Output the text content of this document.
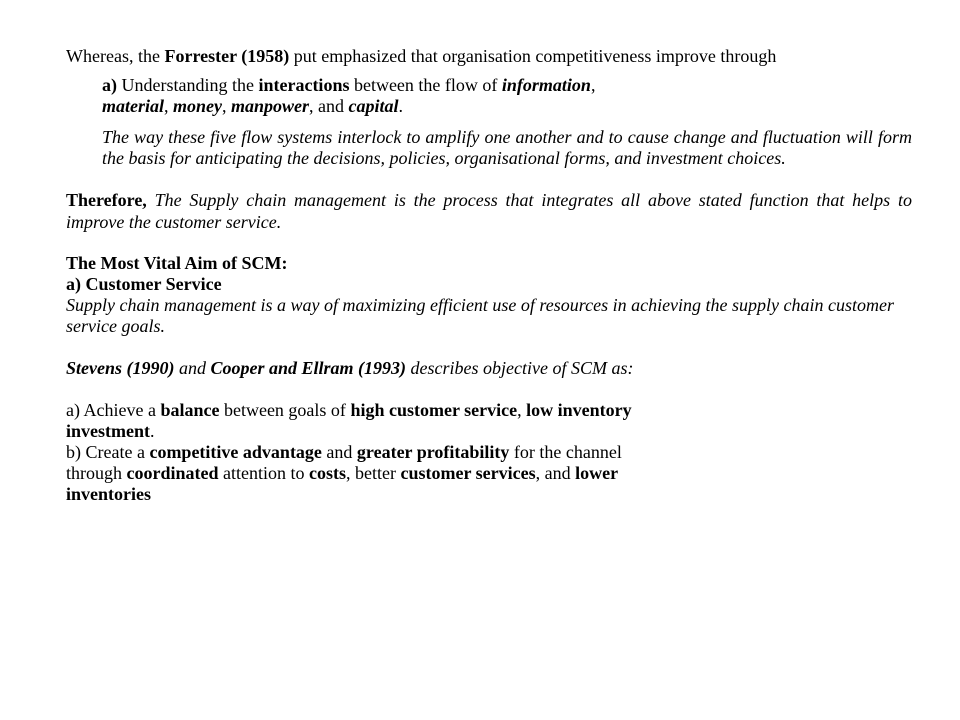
Whereas, the Forrester (1958) put emphasized that organisation competitiveness improve through

a) Understanding the interactions between the flow of information,
material, money, manpower, and capital.

The way these five flow systems interlock to amplify one another and to cause change and fluctuation will form the basis for anticipating the decisions, policies, organisational forms, and investment choices.

Therefore, The Supply chain management is the process that integrates all above stated function that helps to improve the customer service.

The Most Vital Aim of SCM:

a) Customer Service

Supply chain management is a way of maximizing efficient use of resources in achieving the supply chain customer service goals.

Stevens (1990) and Cooper and Ellram (1993) describes objective of SCM as:

a) Achieve a balance between goals of high customer service, low inventory
investment.

b) Create a competitive advantage and greater profitability for the channel
through coordinated attention to costs, better customer services, and lower
inventories
